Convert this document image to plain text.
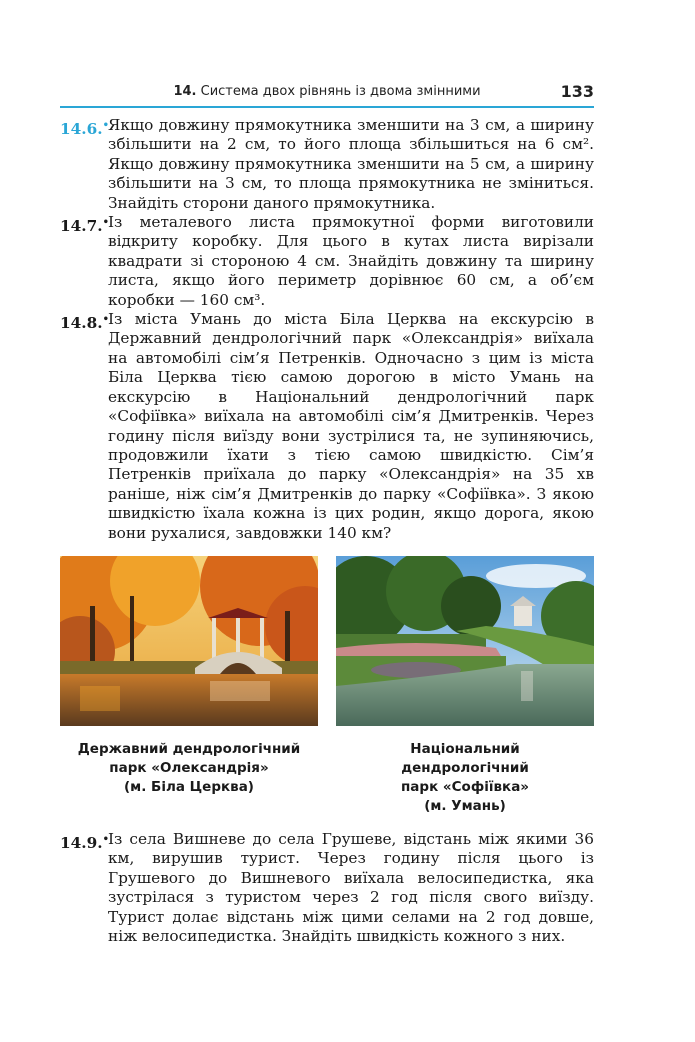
14. Система двох рівнянь із двома змінними	133
14.6.• Якщо довжину прямокутника зменшити на 3 см, а ширину збільшити на 2 см, то його площа збільшиться на 6 см². Якщо довжину прямокутника зменшити на 5 см, а ширину збільшити на 3 см, то площа прямокутника не зміниться. Знайдіть сторони даного прямокутника.
14.7.• Із металевого листа прямокутної форми виготовили відкриту коробку. Для цього в кутах листа вирізали квадрати зі стороною 4 см. Знайдіть довжину та ширину листа, якщо його периметр дорівнює 60 см, а об’єм коробки — 160 см³.
14.8.• Із міста Умань до міста Біла Церква на екскурсію в Державний дендрологічний парк «Олександрія» виїхала на автомобілі сім’я Петренків. Одночасно з цим із міста Біла Церква тією самою дорогою в місто Умань на екскурсію в Національний дендрологічний парк «Софіївка» виїхала на автомобілі сім’я Дмитренків. Через годину після виїзду вони зустрілися та, не зупиняючись, продовжили їхати з тією самою швидкістю. Сім’я Петренків приїхала до парку «Олександрія» на 35 хв раніше, ніж сім’я Дмитренків до парку «Софіївка». З якою швидкістю їхала кожна із цих родин, якщо дорога, якою вони рухалися, завдовжки 140 км?
Державний дендрологічний
парк «Олександрія»
(м. Біла Церква)
Національний
дендрологічний
парк «Софіївка»
(м. Умань)
14.9.• Із села Вишневе до села Грушеве, відстань між якими 36 км, вирушив турист. Через годину після цього із Грушевого до Вишневого виїхала велосипедистка, яка зустрілася з туристом через 2 год після свого виїзду. Турист долає відстань між цими селами на 2 год довше, ніж велосипедистка. Знайдіть швидкість кожного з них.
